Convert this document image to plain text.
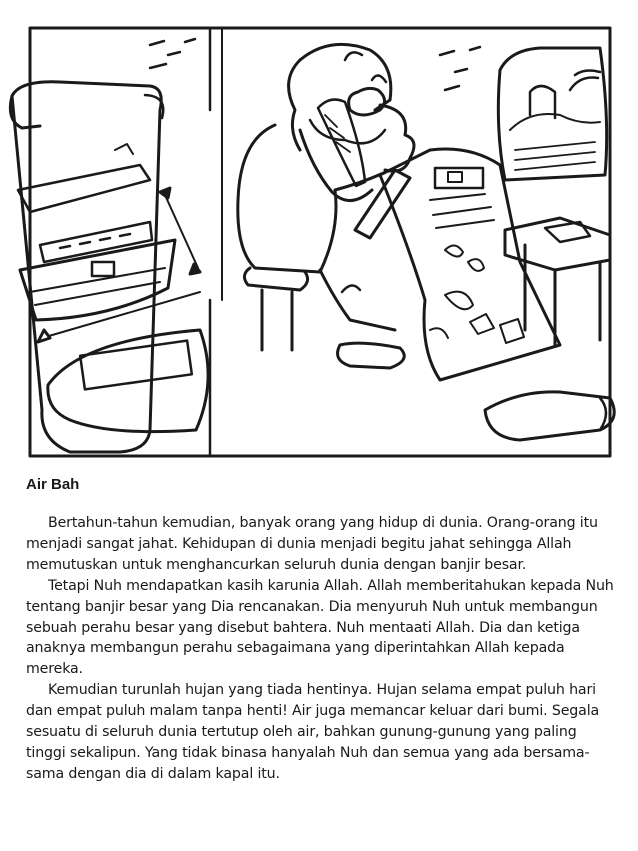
Air Bah

Bertahun-tahun kemudian, banyak orang yang hidup di dunia. Orang-orang itu menjadi sangat jahat. Kehidupan di dunia menjadi begitu jahat sehingga Allah memutuskan untuk menghancurkan seluruh dunia dengan banjir besar.

Tetapi Nuh mendapatkan kasih karunia Allah. Allah memberitahukan kepada Nuh tentang banjir besar yang Dia rencanakan. Dia menyuruh Nuh untuk membangun sebuah perahu besar yang disebut bahtera. Nuh mentaati Allah. Dia dan ketiga anaknya membangun perahu sebagaimana yang diperintahkan Allah kepada mereka.

Kemudian turunlah hujan yang tiada hentinya. Hujan selama empat puluh hari dan empat puluh malam tanpa henti! Air juga memancar keluar dari bumi. Segala sesuatu di seluruh dunia tertutup oleh air, bahkan gunung-gunung yang paling tinggi sekalipun. Yang tidak binasa hanyalah Nuh dan semua yang ada bersama-sama dengan dia di dalam kapal itu.
